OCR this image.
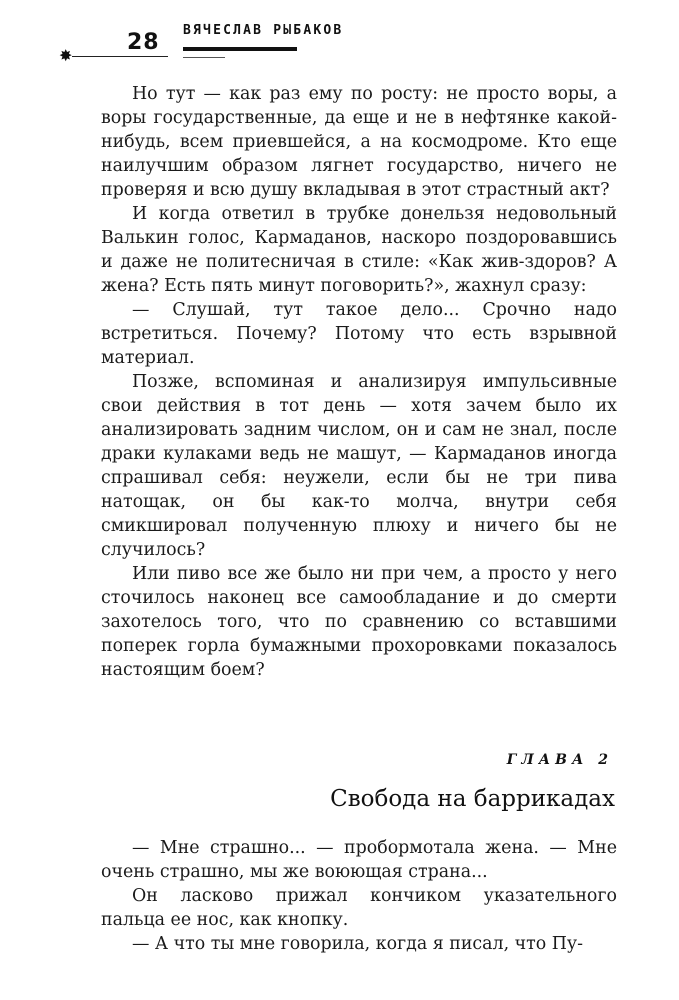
✸
28 ВЯЧЕСЛАВ РЫБАКОВ

Но тут — как раз ему по росту: не просто воры, а воры государственные, да еще и не в нефтянке какой-нибудь, всем приевшейся, а на космодроме. Кто еще наилучшим образом лягнет государство, ничего не проверяя и всю душу вкладывая в этот страстный акт?

И когда ответил в трубке донельзя недовольный Валькин голос, Кармаданов, наскоро поздоровавшись и даже не политесничая в стиле: «Как жив-здоров? А жена? Есть пять минут поговорить?», жахнул сразу:

— Слушай, тут такое дело... Срочно надо встретиться. Почему? Потому что есть взрывной материал.

Позже, вспоминая и анализируя импульсивные свои действия в тот день — хотя зачем было их анализировать задним числом, он и сам не знал, после драки кулаками ведь не машут, — Кармаданов иногда спрашивал себя: неужели, если бы не три пива натощак, он бы как-то молча, внутри себя смикшировал полученную плюху и ничего бы не случилось?

Или пиво все же было ни при чем, а просто у него сточилось наконец все самообладание и до смерти захотелось того, что по сравнению со вставшими поперек горла бумажными прохоровками показалось настоящим боем?

ГЛАВА 2
Свобода на баррикадах

— Мне страшно... — пробормотала жена. — Мне очень страшно, мы же воюющая страна...

Он ласково прижал кончиком указательного пальца ее нос, как кнопку.

— А что ты мне говорила, когда я писал, что Пу-
